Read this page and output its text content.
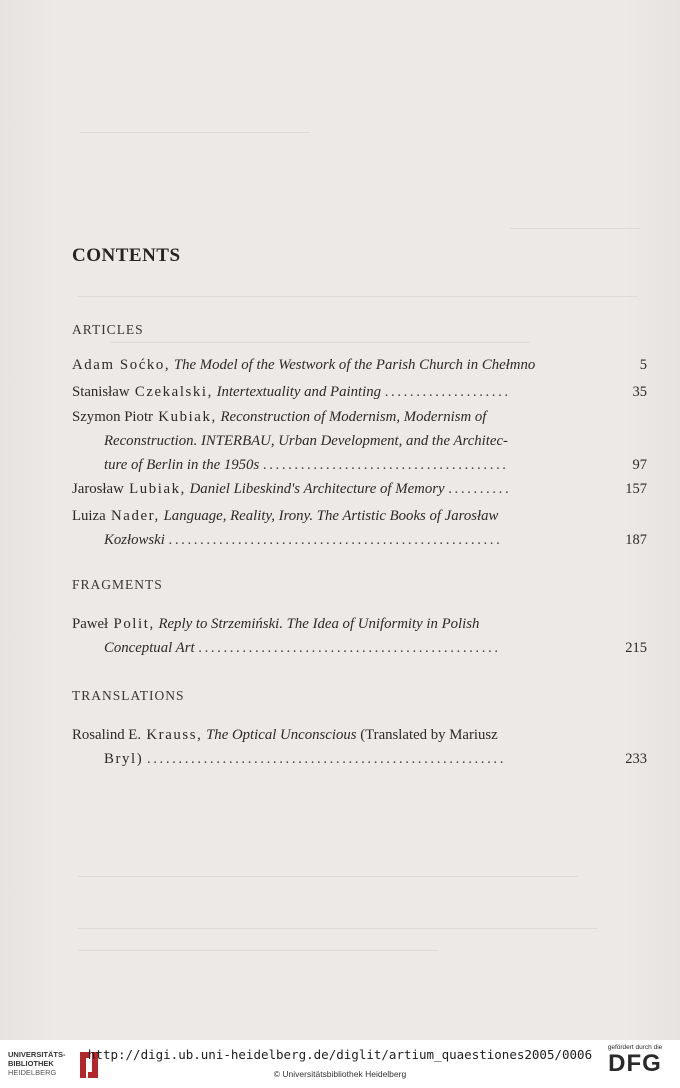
CONTENTS
ARTICLES
Adam Soćko, The Model of the Westwork of the Parish Church in Chełmno	5
Stanisław Czekalski, Intertextuality and Painting ....................	35
Szymon Piotr Kubiak, Reconstruction of Modernism, Modernism of
Reconstruction. INTERBAU, Urban Development, and the Architec-
ture of Berlin in the 1950s .......................................	97
Jarosław Lubiak, Daniel Libeskind's Architecture of Memory ..........	157
Luiza Nader, Language, Reality, Irony. The Artistic Books of Jarosław
Kozłowski .....................................................	187
FRAGMENTS
Paweł Polit, Reply to Strzemiński. The Idea of Uniformity in Polish
Conceptual Art ................................................	215
TRANSLATIONS
Rosalind E. Krauss, The Optical Unconscious (Translated by Mariusz
Bryl) .........................................................	233
UNIVERSITÄTS-
BIBLIOTHEK
HEIDELBERG
http://digi.ub.uni-heidelberg.de/diglit/artium_quaestiones2005/0006
© Universitätsbibliothek Heidelberg
gefördert durch die
DFG
